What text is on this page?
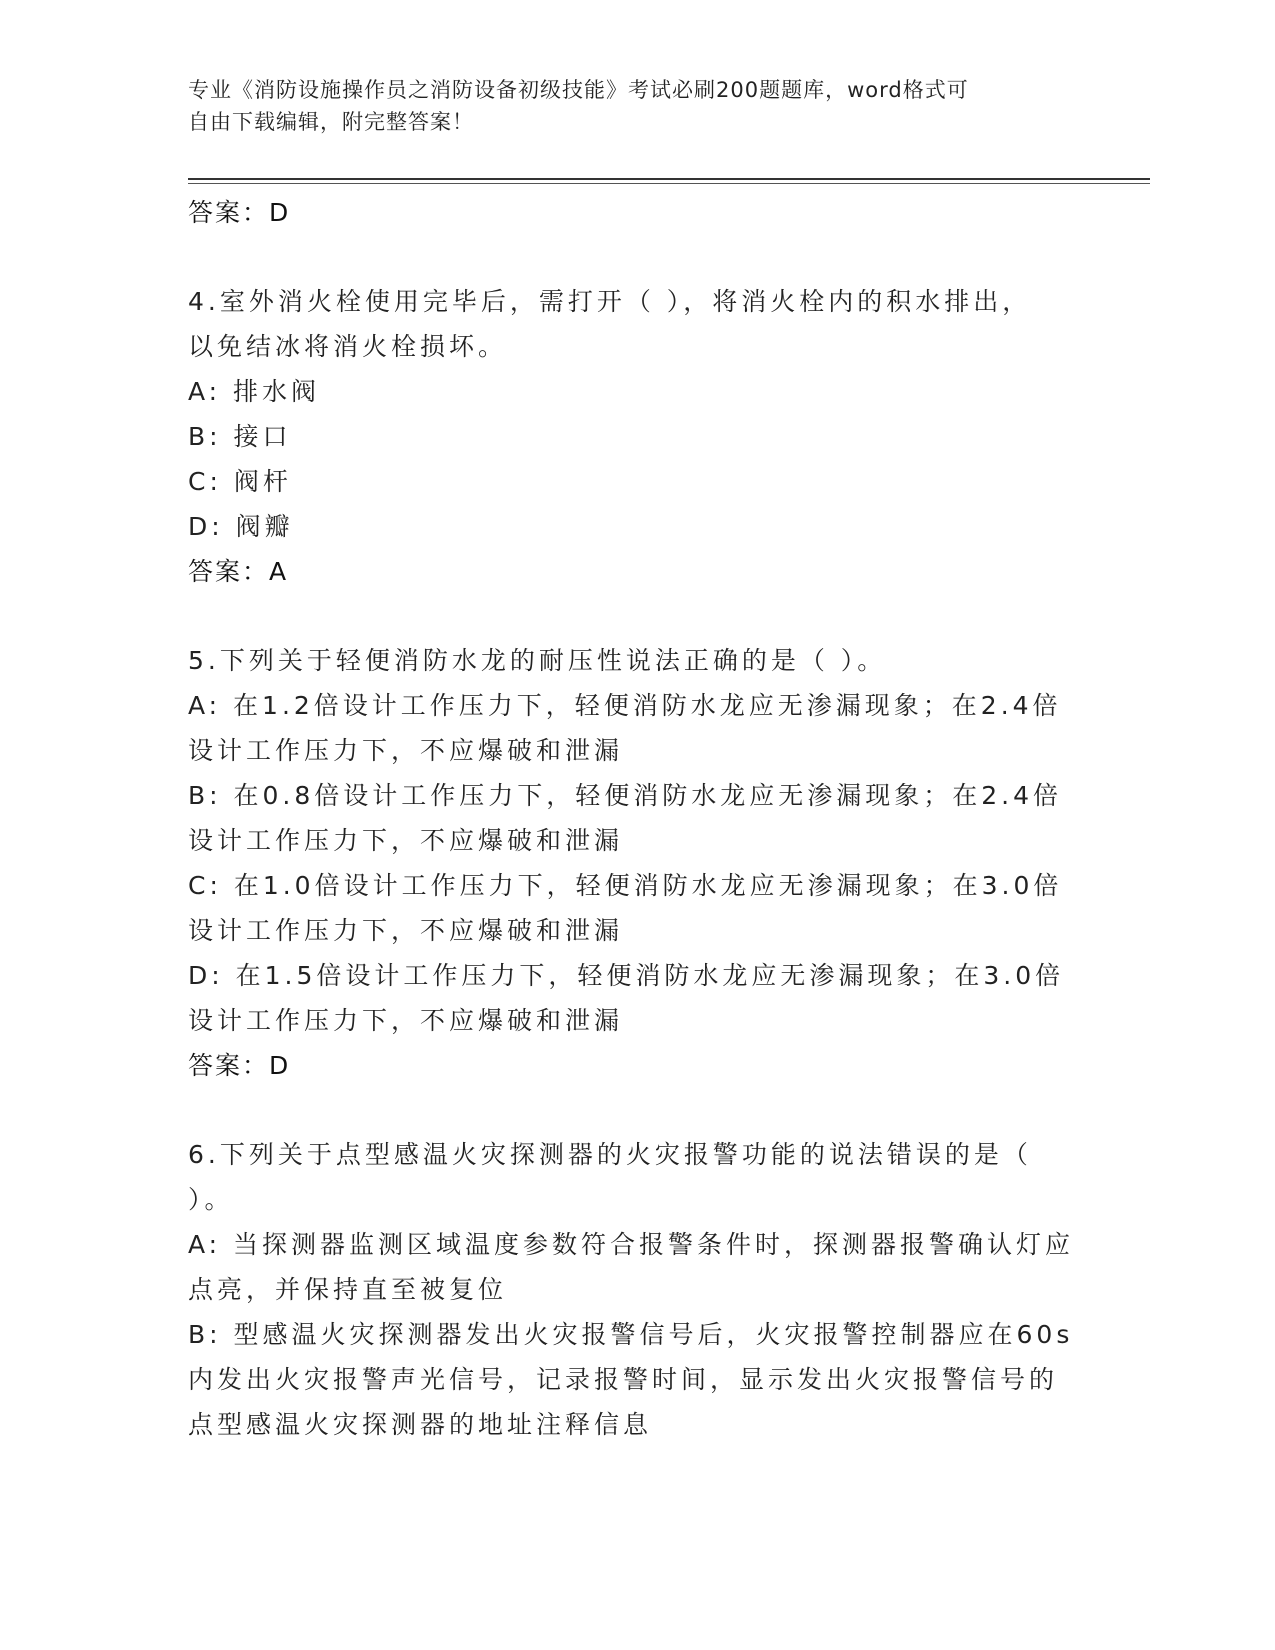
专业《消防设施操作员之消防设备初级技能》考试必刷200题题库，word格式可
自由下载编辑，附完整答案！
答案：D
4.室外消火栓使用完毕后，需打开（ ），将消火栓内的积水排出，
以免结冰将消火栓损坏。
A: 排水阀
B: 接口
C: 阀杆
D: 阀瓣
答案：A
5.下列关于轻便消防水龙的耐压性说法正确的是（ ）。
A: 在1.2倍设计工作压力下，轻便消防水龙应无渗漏现象；在2.4倍
设计工作压力下，不应爆破和泄漏
B: 在0.8倍设计工作压力下，轻便消防水龙应无渗漏现象；在2.4倍
设计工作压力下，不应爆破和泄漏
C: 在1.0倍设计工作压力下，轻便消防水龙应无渗漏现象；在3.0倍
设计工作压力下，不应爆破和泄漏
D: 在1.5倍设计工作压力下，轻便消防水龙应无渗漏现象；在3.0倍
设计工作压力下，不应爆破和泄漏
答案：D
6.下列关于点型感温火灾探测器的火灾报警功能的说法错误的是（
）。
A: 当探测器监测区域温度参数符合报警条件时，探测器报警确认灯应
点亮，并保持直至被复位
B: 型感温火灾探测器发出火灾报警信号后，火灾报警控制器应在60s
内发出火灾报警声光信号，记录报警时间，显示发出火灾报警信号的
点型感温火灾探测器的地址注释信息
